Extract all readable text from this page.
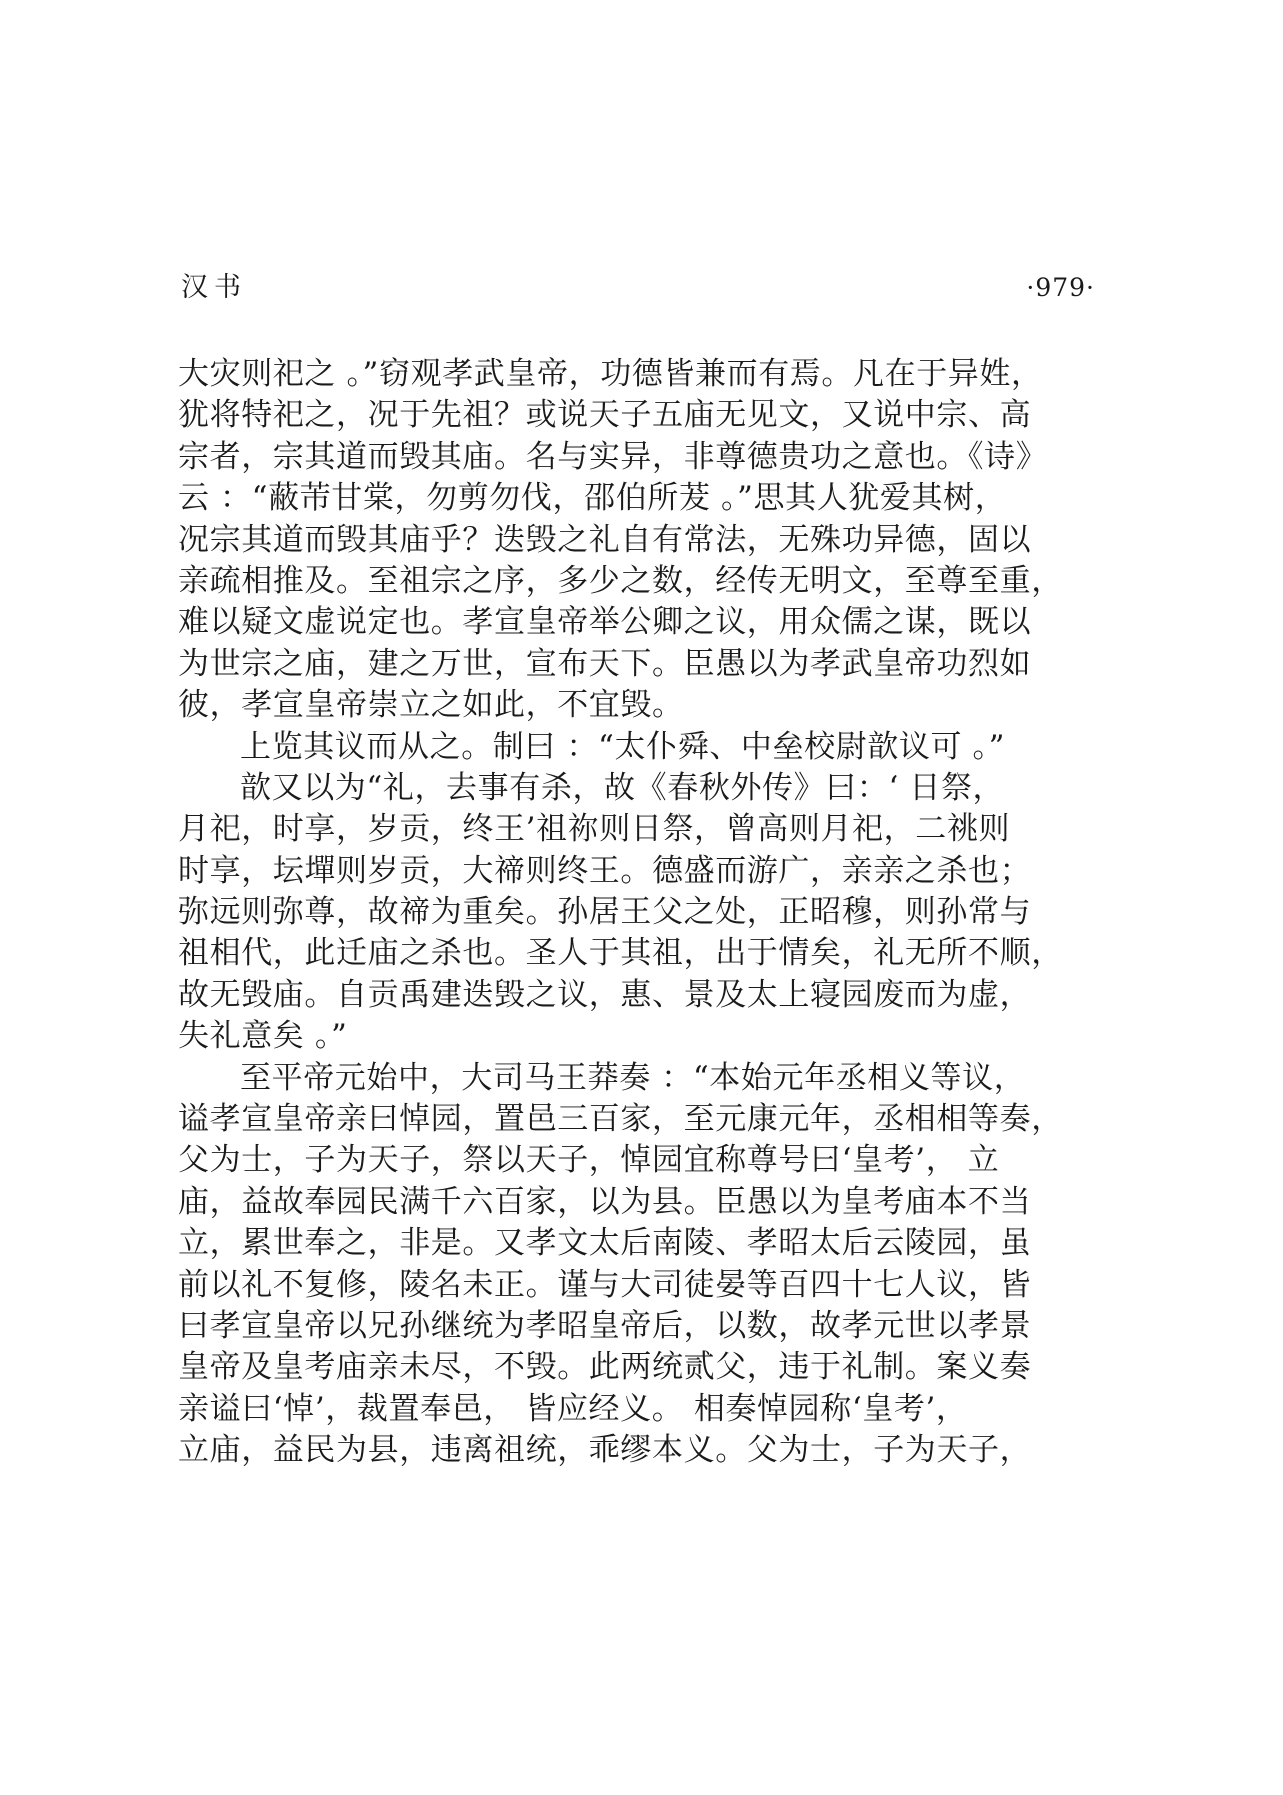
汉书	·979·
大灾则祀之 。”窃观孝武皇帝，功德皆兼而有焉。凡在于异姓，
犹将特祀之，况于先祖？或说天子五庙无见文，又说中宗、高
宗者，宗其道而毁其庙。名与实异，非尊德贵功之意也。《诗》
云 ：“蔽芾甘棠，勿剪勿伐，邵伯所茇 。”思其人犹爱其树，
况宗其道而毁其庙乎？迭毁之礼自有常法，无殊功异德，固以
亲疏相推及。至祖宗之序，多少之数，经传无明文，至尊至重，
难以疑文虚说定也。孝宣皇帝举公卿之议，用众儒之谋，既以
为世宗之庙，建之万世，宣布天下。臣愚以为孝武皇帝功烈如
彼，孝宣皇帝崇立之如此，不宜毁。
上览其议而从之。制曰 ：“太仆舜、中垒校尉歆议可 。”
歆又以为“礼，去事有杀，故《春秋外传》曰：‘ 日祭，
月祀，时享，岁贡，终王’祖祢则日祭，曾高则月祀，二祧则
时享，坛墠则岁贡，大禘则终王。德盛而游广，亲亲之杀也；
弥远则弥尊，故禘为重矣。孙居王父之处，正昭穆，则孙常与
祖相代，此迁庙之杀也。圣人于其祖，出于情矣，礼无所不顺，
故无毁庙。自贡禹建迭毁之议，惠、景及太上寝园废而为虚，
失礼意矣 。”
至平帝元始中，大司马王莽奏 ：“本始元年丞相义等议，
谥孝宣皇帝亲曰悼园，置邑三百家，至元康元年，丞相相等奏，
父为士，子为天子，祭以天子，悼园宜称尊号曰‘皇考’， 立
庙，益故奉园民满千六百家，以为县。臣愚以为皇考庙本不当
立，累世奉之，非是。又孝文太后南陵、孝昭太后云陵园，虽
前以礼不复修，陵名未正。谨与大司徒晏等百四十七人议，皆
曰孝宣皇帝以兄孙继统为孝昭皇帝后，以数，故孝元世以孝景
皇帝及皇考庙亲未尽，不毁。此两统贰父，违于礼制。案义奏
亲谥曰‘悼’，裁置奉邑， 皆应经义。 相奏悼园称‘皇考’，
立庙，益民为县，违离祖统，乖缪本义。父为士，子为天子，
